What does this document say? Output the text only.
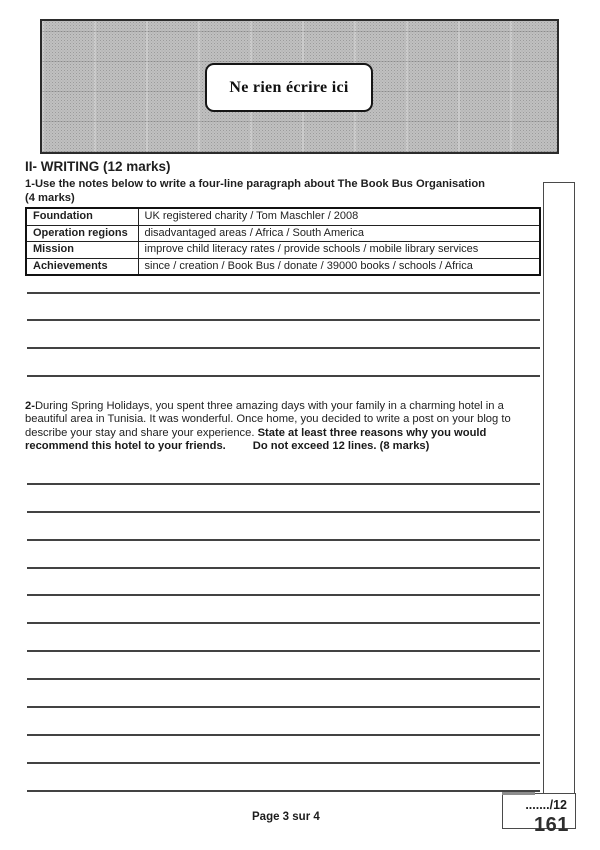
Ne rien écrire ici
II- WRITING (12 marks)
1-Use the notes below to write a four-line paragraph about The Book Bus Organisation
(4 marks)
Foundation	UK registered charity / Tom Maschler / 2008
Operation regions	disadvantaged areas / Africa / South America
Mission	improve child literacy rates / provide schools / mobile library services
Achievements	since / creation / Book Bus / donate / 39000 books / schools / Africa
2-During Spring Holidays, you spent three amazing days with your family in a charming hotel in a beautiful area in Tunisia. It was wonderful. Once home, you decided to write a post on your blog to describe your stay and share your experience. State at least three reasons why you would recommend this hotel to your friends. Do not exceed 12 lines. (8 marks)
......./12
161
Page 3 sur 4
